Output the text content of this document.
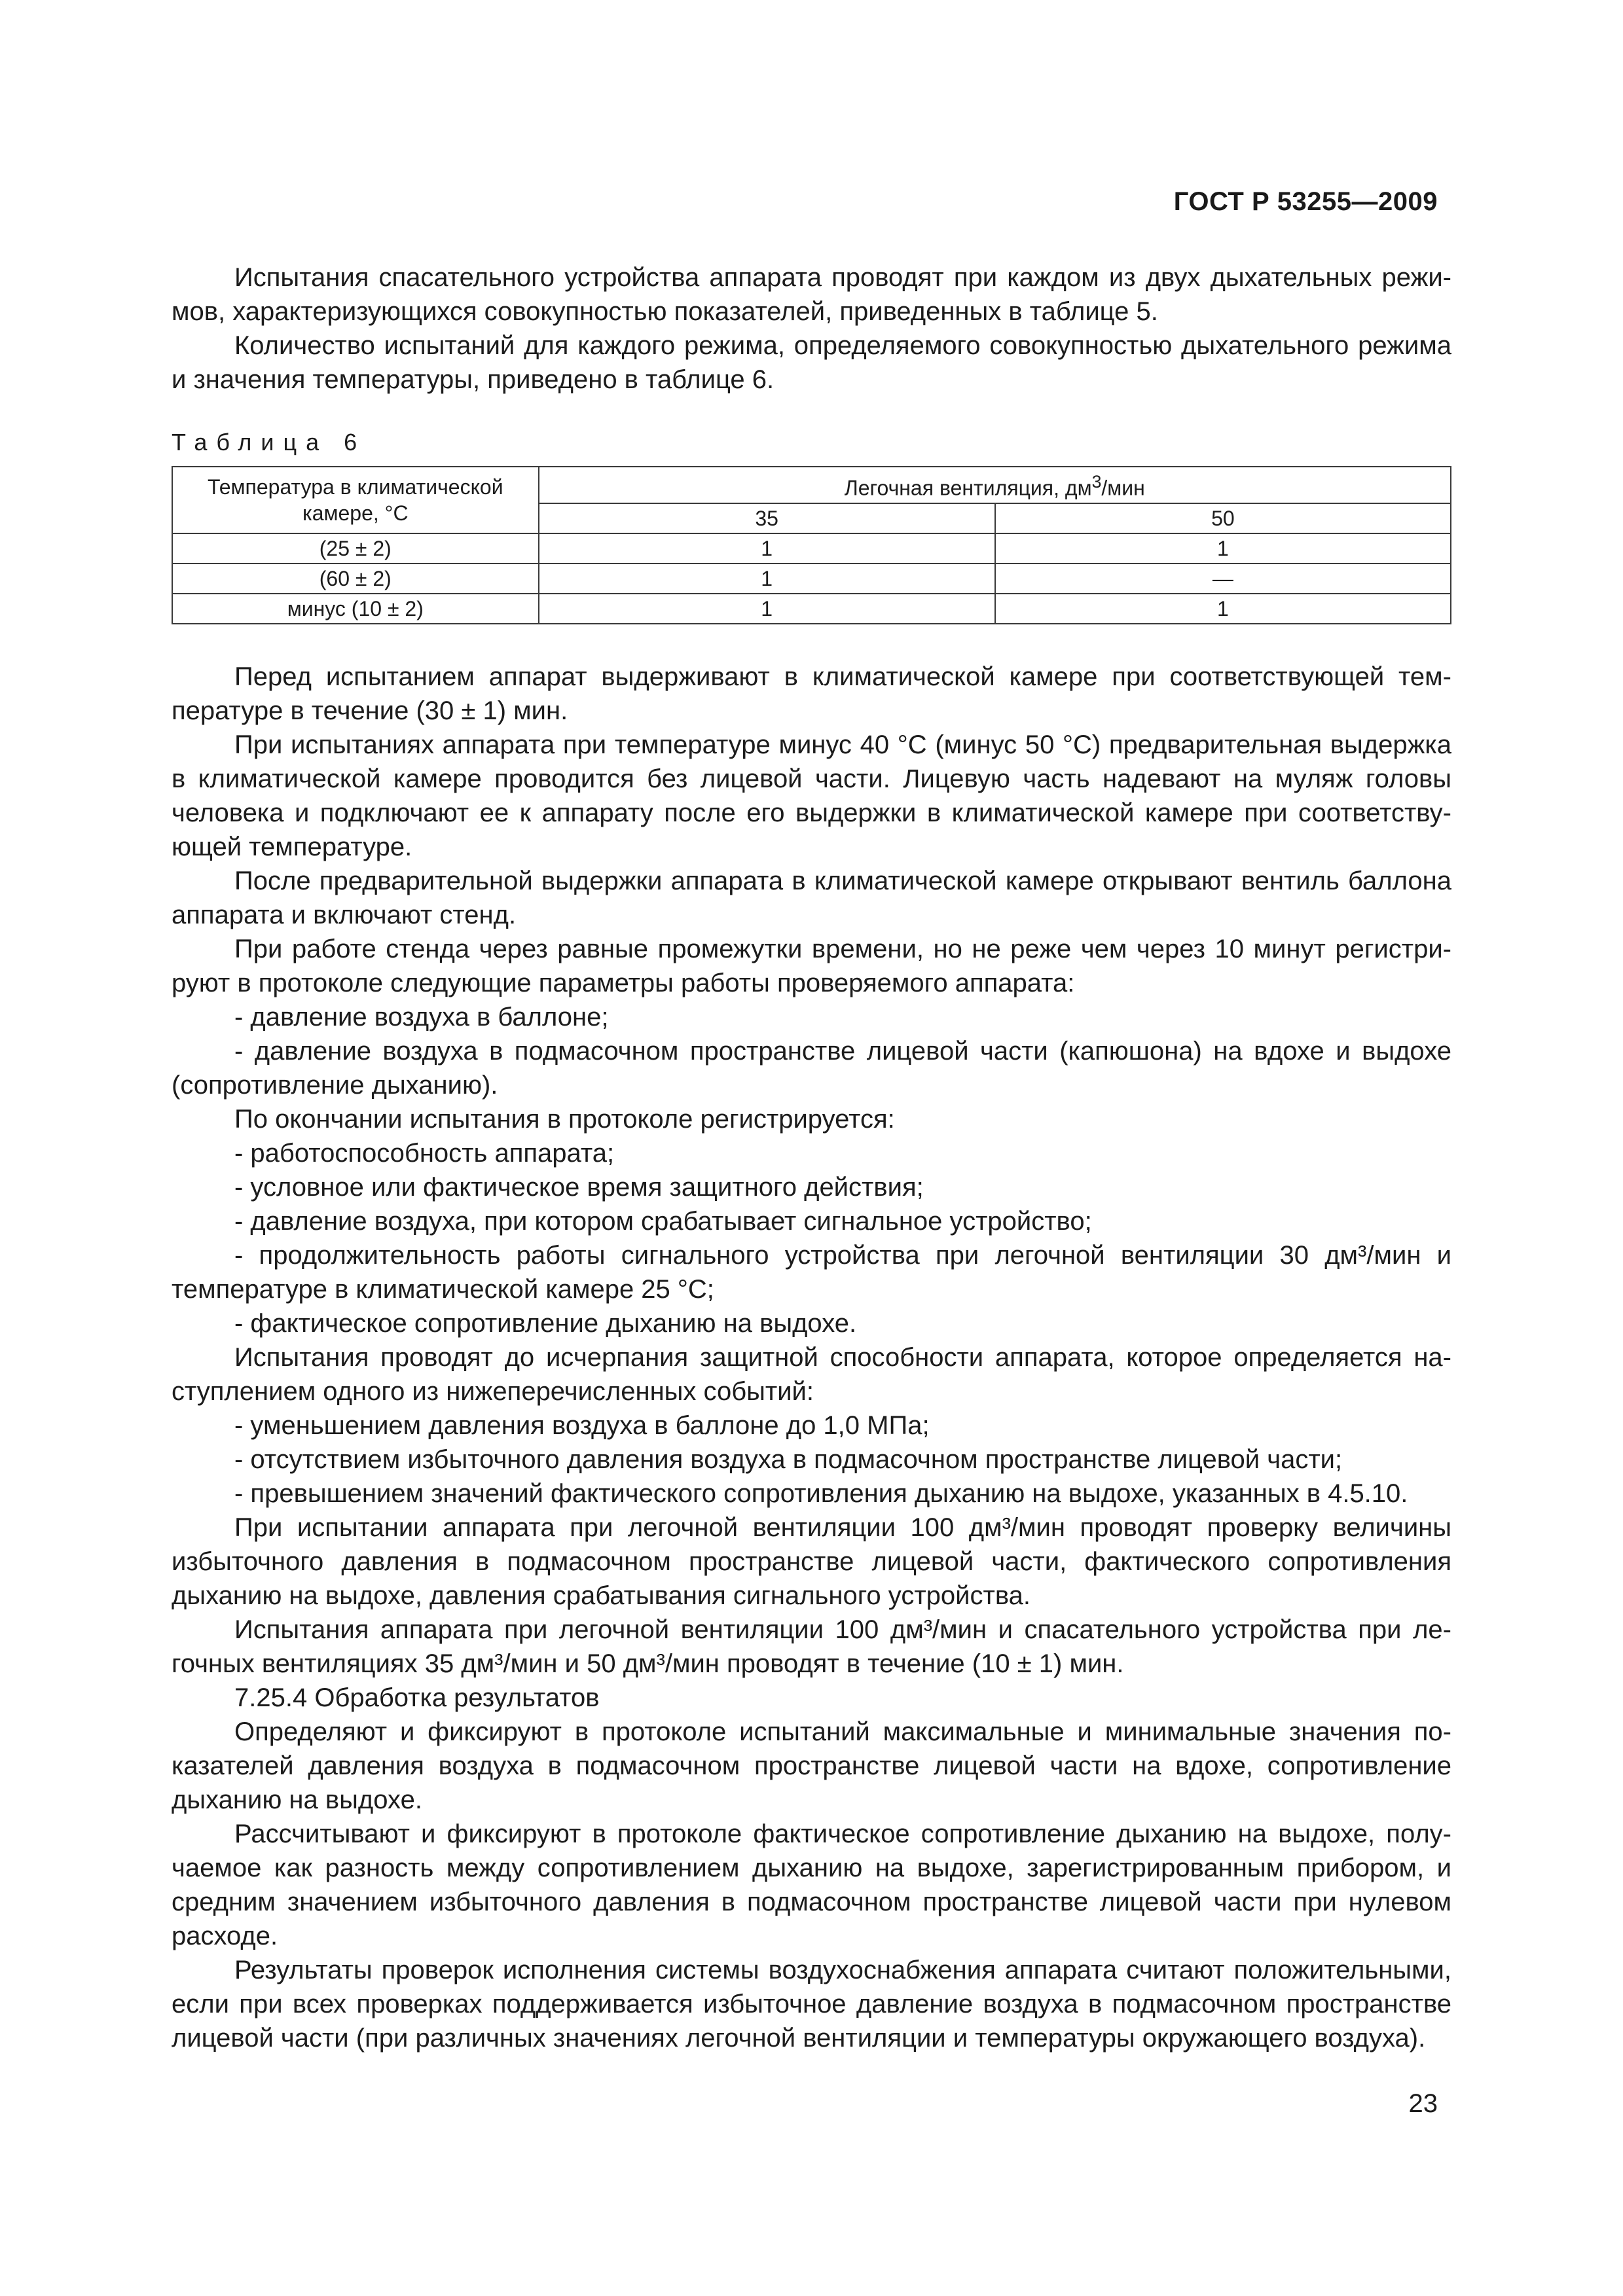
ГОСТ Р 53255—2009

Испытания спасательного устройства аппарата проводят при каждом из двух дыхательных режимов, характеризующихся совокупностью показателей, приведенных в таблице 5.

Количество испытаний для каждого режима, определяемого совокупностью дыхательного режима и значения температуры, приведено в таблице 6.

Таблица 6
Температура в климатической камере, °С	Легочная вентиляция, $дм^3$/мин	
	35	50
(25 ± 2)	1	1
(60 ± 2)	1	—
минус (10 ± 2)	1	1

Перед испытанием аппарат выдерживают в климатической камере при соответствующей температуре в течение (30 ± 1) мин.

При испытаниях аппарата при температуре минус 40 °С (минус 50 °С) предварительная выдержка в климатической камере проводится без лицевой части. Лицевую часть надевают на муляж головы человека и подключают ее к аппарату после его выдержки в климатической камере при соответствующей температуре.

После предварительной выдержки аппарата в климатической камере открывают вентиль баллона аппарата и включают стенд.

При работе стенда через равные промежутки времени, но не реже чем через 10 минут регистрируют в протоколе следующие параметры работы проверяемого аппарата:

- давление воздуха в баллоне;

- давление воздуха в подмасочном пространстве лицевой части (капюшона) на вдохе и выдохе (сопротивление дыханию).

По окончании испытания в протоколе регистрируется:

- работоспособность аппарата;

- условное или фактическое время защитного действия;

- давление воздуха, при котором срабатывает сигнальное устройство;

- продолжительность работы сигнального устройства при легочной вентиляции 30 дм³/мин и температуре в климатической камере 25 °С;

- фактическое сопротивление дыханию на выдохе.

Испытания проводят до исчерпания защитной способности аппарата, которое определяется наступлением одного из нижеперечисленных событий:

- уменьшением давления воздуха в баллоне до 1,0 МПа;

- отсутствием избыточного давления воздуха в подмасочном пространстве лицевой части;

- превышением значений фактического сопротивления дыханию на выдохе, указанных в 4.5.10.

При испытании аппарата при легочной вентиляции 100 дм³/мин проводят проверку величины избыточного давления в подмасочном пространстве лицевой части, фактического сопротивления дыханию на выдохе, давления срабатывания сигнального устройства.

Испытания аппарата при легочной вентиляции 100 дм³/мин и спасательного устройства при легочных вентиляциях 35 дм³/мин и 50 дм³/мин проводят в течение (10 ± 1) мин.

7.25.4 Обработка результатов

Определяют и фиксируют в протоколе испытаний максимальные и минимальные значения показателей давления воздуха в подмасочном пространстве лицевой части на вдохе, сопротивление дыханию на выдохе.

Рассчитывают и фиксируют в протоколе фактическое сопротивление дыханию на выдохе, получаемое как разность между сопротивлением дыханию на выдохе, зарегистрированным прибором, и средним значением избыточного давления в подмасочном пространстве лицевой части при нулевом расходе.

Результаты проверок исполнения системы воздухоснабжения аппарата считают положительными, если при всех проверках поддерживается избыточное давление воздуха в подмасочном пространстве лицевой части (при различных значениях легочной вентиляции и температуры окружающего воздуха).

23
